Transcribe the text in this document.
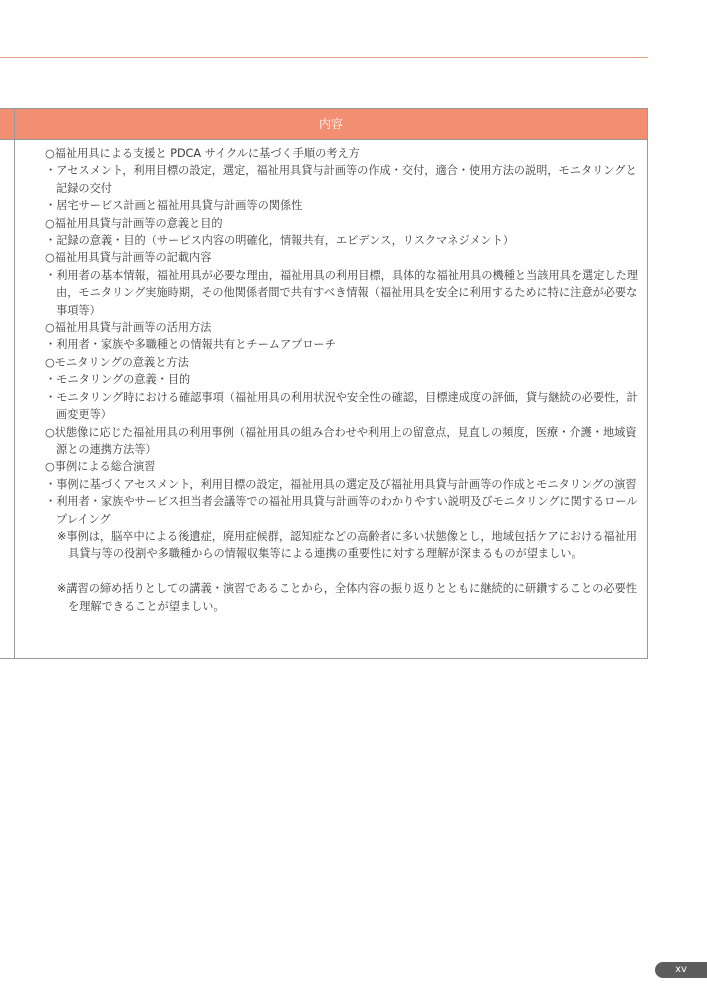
内容

○福祉用具による支援と PDCA サイクルに基づく手順の考え方

・アセスメント，利用目標の設定，選定，福祉用具貸与計画等の作成・交付，適合・使用方法の説明，モニタリングと記録の交付

・居宅サービス計画と福祉用具貸与計画等の関係性

○福祉用具貸与計画等の意義と目的

・記録の意義・目的（サービス内容の明確化，情報共有，エビデンス，リスクマネジメント）

○福祉用具貸与計画等の記載内容

・利用者の基本情報，福祉用具が必要な理由，福祉用具の利用目標，具体的な福祉用具の機種と当該用具を選定した理由，モニタリング実施時期，その他関係者間で共有すべき情報（福祉用具を安全に利用するために特に注意が必要な事項等）

○福祉用具貸与計画等の活用方法

・利用者・家族や多職種との情報共有とチームアプローチ

○モニタリングの意義と方法

・モニタリングの意義・目的

・モニタリング時における確認事項（福祉用具の利用状況や安全性の確認，目標達成度の評価，貸与継続の必要性，計画変更等）

○状態像に応じた福祉用具の利用事例（福祉用具の組み合わせや利用上の留意点，見直しの頻度，医療・介護・地域資源との連携方法等）

○事例による総合演習

・事例に基づくアセスメント，利用目標の設定，福祉用具の選定及び福祉用具貸与計画等の作成とモニタリングの演習

・利用者・家族やサービス担当者会議等での福祉用具貸与計画等のわかりやすい説明及びモニタリングに関するロールプレイング

※事例は，脳卒中による後遺症，廃用症候群，認知症などの高齢者に多い状態像とし，地域包括ケアにおける福祉用具貸与等の役割や多職種からの情報収集等による連携の重要性に対する理解が深まるものが望ましい。

※講習の締め括りとしての講義・演習であることから，全体内容の振り返りとともに継続的に研鑽することの必要性を理解できることが望ましい。

xv
